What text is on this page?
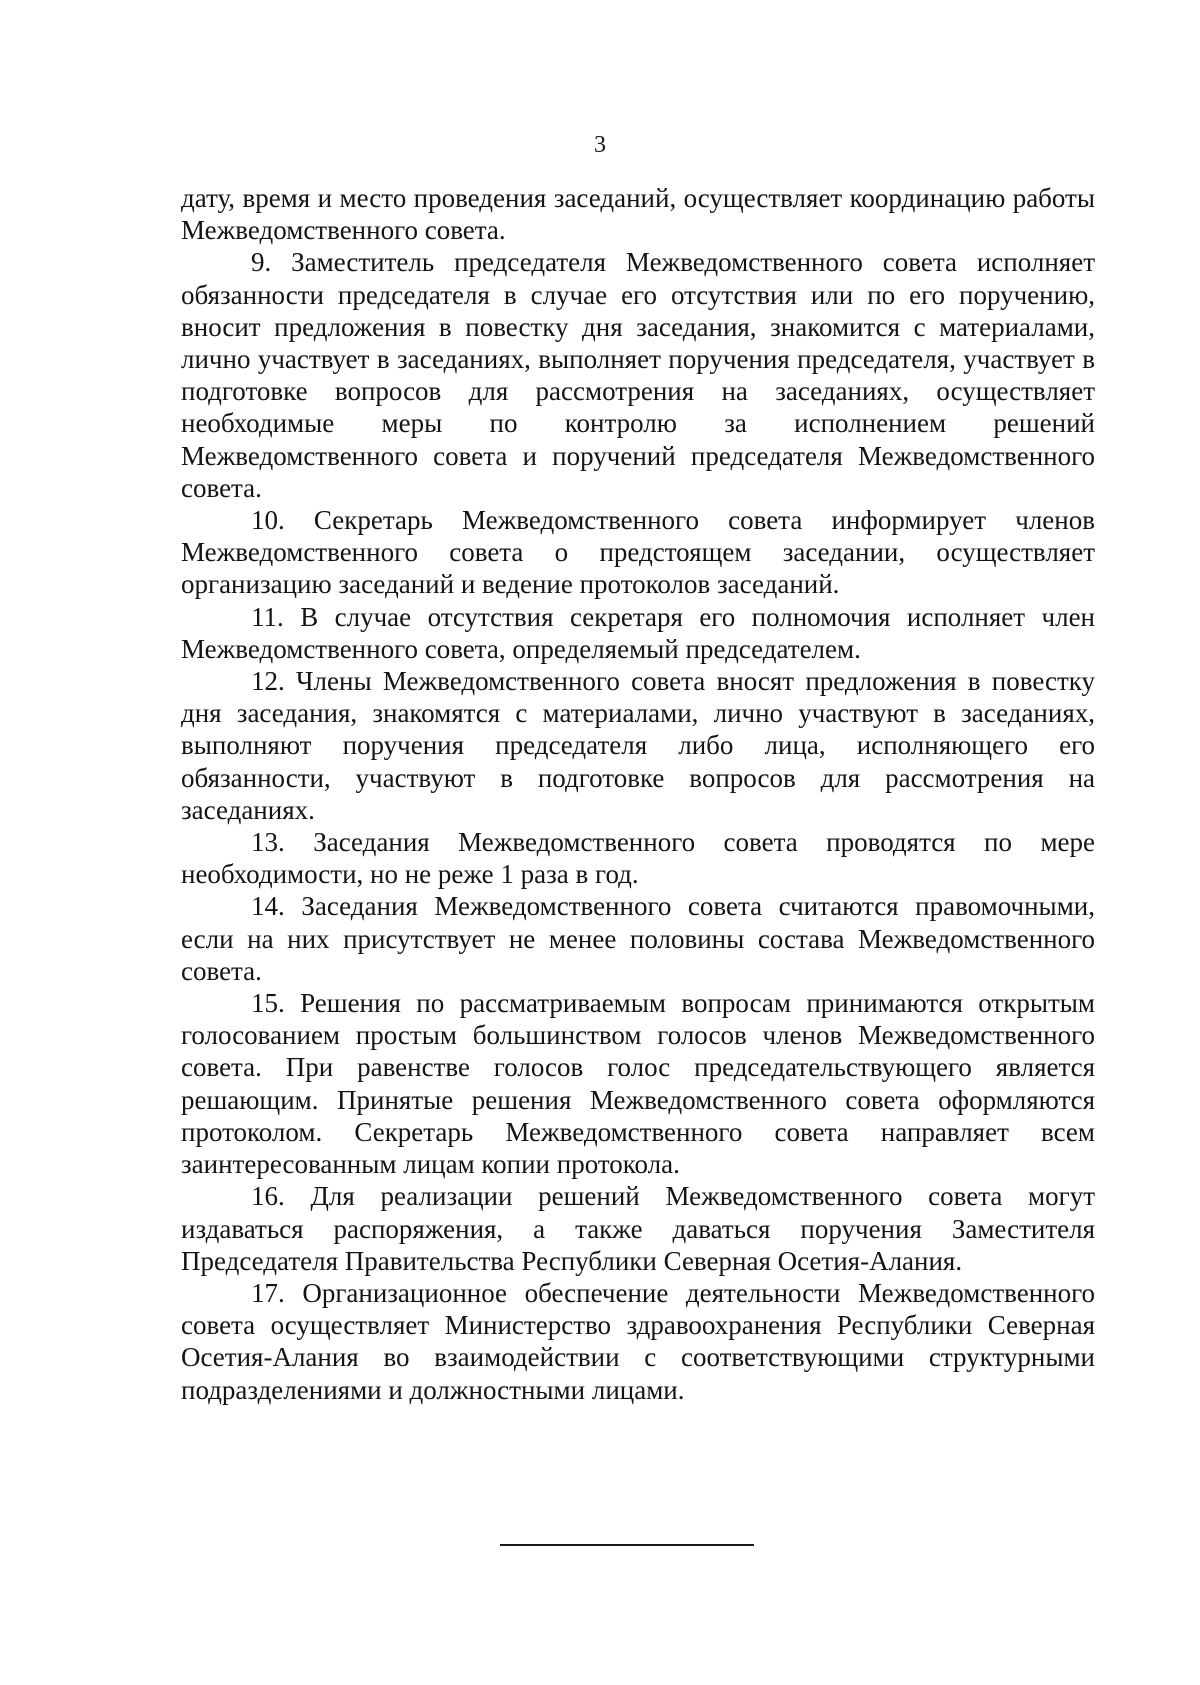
3

дату, время и место проведения заседаний, осуществляет координацию работы Межведомственного совета.

9. Заместитель председателя Межведомственного совета исполняет обязанности председателя в случае его отсутствия или по его поручению, вносит предложения в повестку дня заседания, знакомится с материалами, лично участвует в заседаниях, выполняет поручения председателя, участвует в подготовке вопросов для рассмотрения на заседаниях, осуществляет необходимые меры по контролю за исполнением решений Межведомственного совета и поручений председателя Межведомственного совета.

10. Секретарь Межведомственного совета информирует членов Межведомственного совета о предстоящем заседании, осуществляет организацию заседаний и ведение протоколов заседаний.

11. В случае отсутствия секретаря его полномочия исполняет член Межведомственного совета, определяемый председателем.

12. Члены Межведомственного совета вносят предложения в повестку дня заседания, знакомятся с материалами, лично участвуют в заседаниях, выполняют поручения председателя либо лица, исполняющего его обязанности, участвуют в подготовке вопросов для рассмотрения на заседаниях.

13. Заседания Межведомственного совета проводятся по мере необходимости, но не реже 1 раза в год.

14. Заседания Межведомственного совета считаются правомочными, если на них присутствует не менее половины состава Межведомственного совета.

15. Решения по рассматриваемым вопросам принимаются открытым голосованием простым большинством голосов членов Межведомственного совета. При равенстве голосов голос председательствующего является решающим. Принятые решения Межведомственного совета оформляются протоколом. Секретарь Межведомственного совета направляет всем заинтересованным лицам копии протокола.

16. Для реализации решений Межведомственного совета могут издаваться распоряжения, а также даваться поручения Заместителя Председателя Правительства Республики Северная Осетия-Алания.

17. Организационное обеспечение деятельности Межведомственного совета осуществляет Министерство здравоохранения Республики Северная Осетия-Алания во взаимодействии с соответствующими структурными подразделениями и должностными лицами.
